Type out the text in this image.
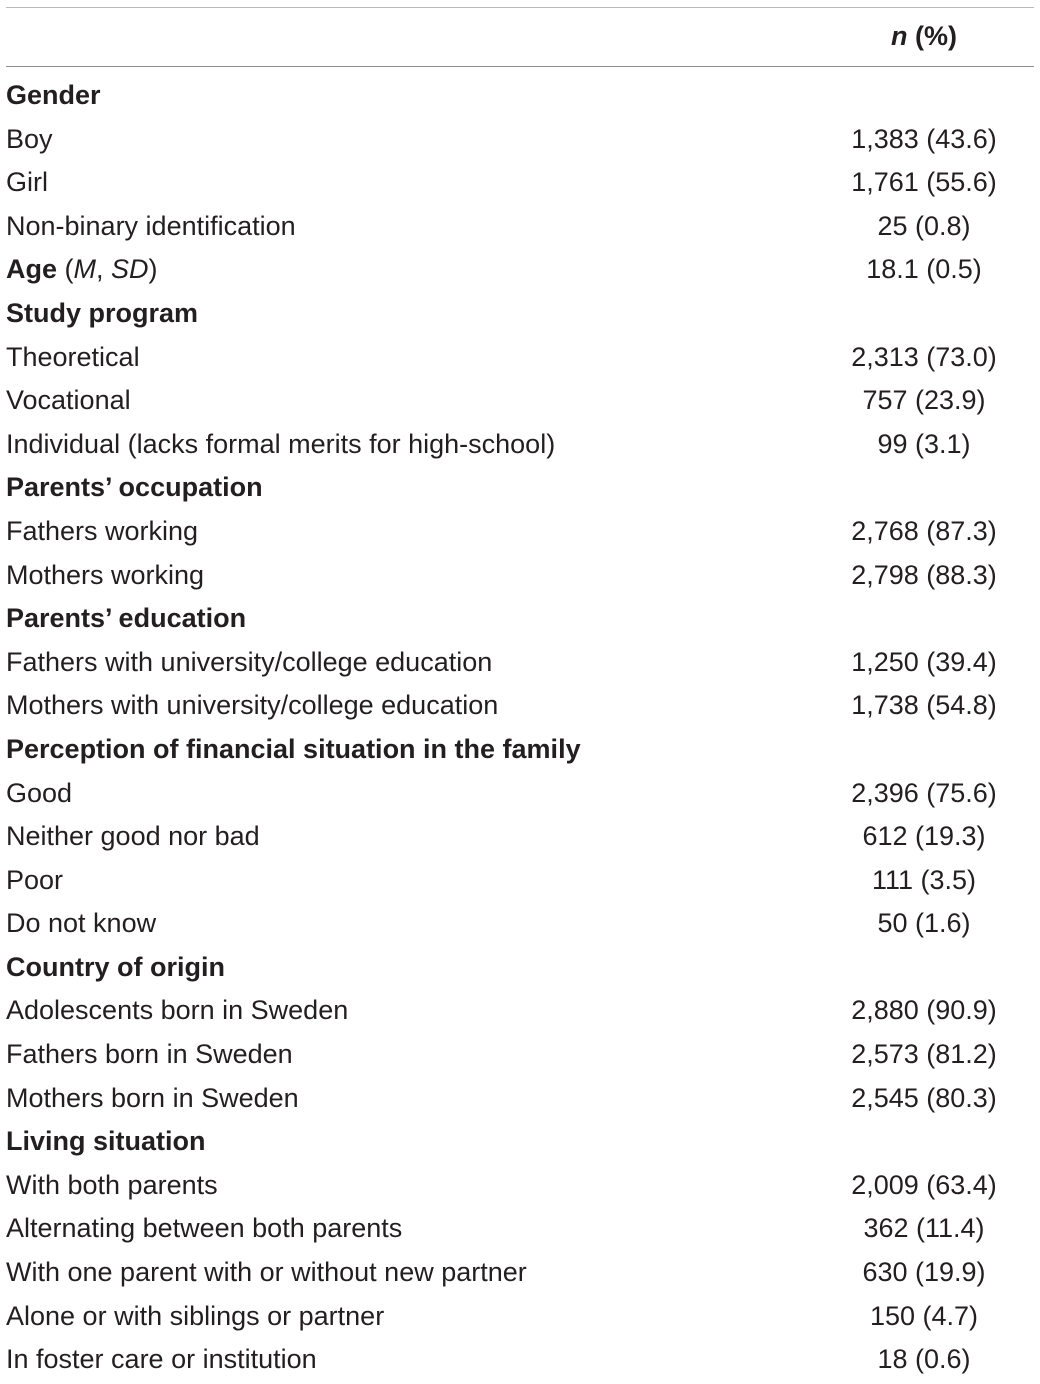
n (%)
Gender
Boy	1,383 (43.6)
Girl	1,761 (55.6)
Non-binary identification	25 (0.8)
Age (M, SD)	18.1 (0.5)
Study program
Theoretical	2,313 (73.0)
Vocational	757 (23.9)
Individual (lacks formal merits for high-school)	99 (3.1)
Parents’ occupation
Fathers working	2,768 (87.3)
Mothers working	2,798 (88.3)
Parents’ education
Fathers with university/college education	1,250 (39.4)
Mothers with university/college education	1,738 (54.8)
Perception of financial situation in the family
Good	2,396 (75.6)
Neither good nor bad	612 (19.3)
Poor	111 (3.5)
Do not know	50 (1.6)
Country of origin
Adolescents born in Sweden	2,880 (90.9)
Fathers born in Sweden	2,573 (81.2)
Mothers born in Sweden	2,545 (80.3)
Living situation
With both parents	2,009 (63.4)
Alternating between both parents	362 (11.4)
With one parent with or without new partner	630 (19.9)
Alone or with siblings or partner	150 (4.7)
In foster care or institution	18 (0.6)
